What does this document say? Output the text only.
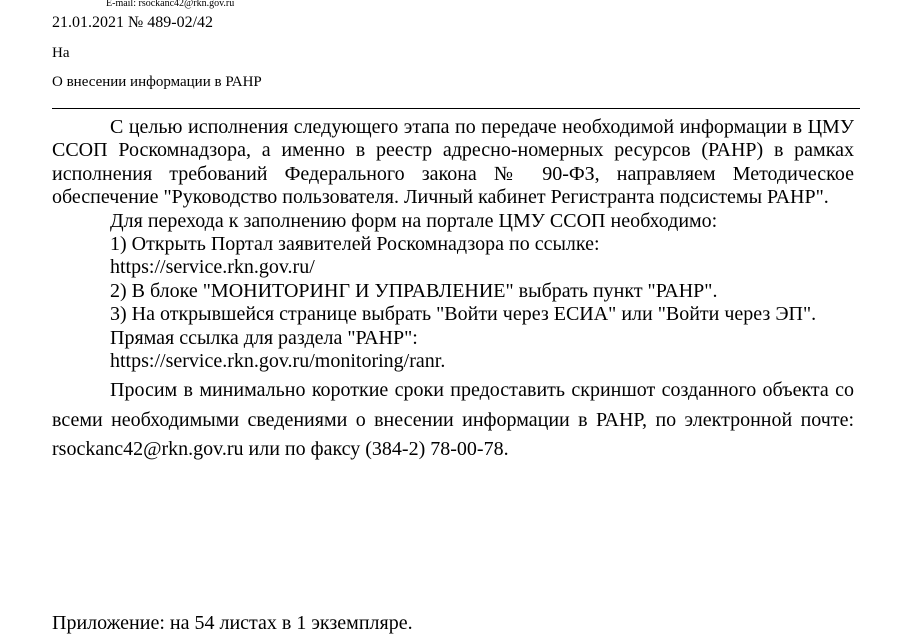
E-mail: rsockanc42@rkn.gov.ru
21.01.2021 № 489-02/42
На
О внесении информации в РАНР

С целью исполнения следующего этапа по передаче необходимой информации в ЦМУ ССОП Роскомнадзора, а именно в реестр адресно-номерных ресурсов (РАНР) в рамках исполнения требований Федерального закона № 90-ФЗ, направляем Методическое обеспечение "Руководство пользователя. Личный кабинет Регистранта подсистемы РАНР".

Для перехода к заполнению форм на портале ЦМУ ССОП необходимо:

1) Открыть Портал заявителей Роскомнадзора по ссылке:

https://service.rkn.gov.ru/

2) В блоке "МОНИТОРИНГ И УПРАВЛЕНИЕ" выбрать пункт "РАНР".

3) На открывшейся странице выбрать "Войти через ЕСИА" или "Войти через ЭП".

Прямая ссылка для раздела "РАНР":

https://service.rkn.gov.ru/monitoring/ranr.

Просим в минимально короткие сроки предоставить скриншот созданного объекта со всеми необходимыми сведениями о внесении информации в РАНР, по электронной почте: rsockanc42@rkn.gov.ru или по факсу (384-2) 78-00-78.

Приложение: на 54 листах в 1 экземпляре.
